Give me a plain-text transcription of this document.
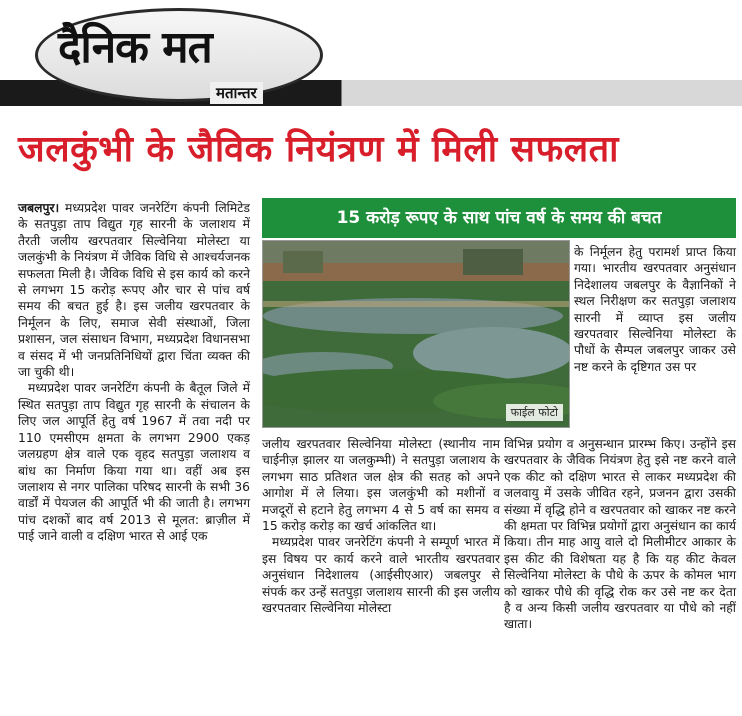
दैनिक मत
मतान्तर
जलकुंभी के जैविक नियंत्रण में मिली सफलता

जबलपुर। मध्यप्रदेश पावर जनरेटिंग कंपनी लिमिटेड के सतपुड़ा ताप विद्युत गृह सारनी के जलाशय में तैरती जलीय खरपतवार सिल्वेनिया मोलेस्टा या जलकुंभी के नियंत्रण में जैविक विधि से आश्चर्यजनक सफलता मिली है। जैविक विधि से इस कार्य को करने से लगभग 15 करोड़ रूपए और चार से पांच वर्ष समय की बचत हुई है। इस जलीय खरपतवार के निर्मूलन के लिए, समाज सेवी संस्थाओं, जिला प्रशासन, जल संसाधन विभाग, मध्यप्रदेश विधानसभा व संसद में भी जनप्रतिनिधियों द्वारा चिंता व्यक्त की जा चुकी थी।

मध्यप्रदेश पावर जनरेटिंग कंपनी के बैतूल जिले में स्थित सतपुड़ा ताप विद्युत गृह सारनी के संचालन के लिए जल आपूर्ति हेतु वर्ष 1967 में तवा नदी पर 110 एमसीएम क्षमता के लगभग 2900 एकड़ जलग्रहण क्षेत्र वाले एक वृहद सतपुड़ा जलाशय व बांध का निर्माण किया गया था। वहीं अब इस जलाशय से नगर पालिका परिषद सारनी के सभी 36 वार्डों में पेयजल की आपूर्ति भी की जाती है। लगभग पांच दशकों बाद वर्ष 2013 से मूलत: ब्राज़ील में पाई जाने वाली व दक्षिण भारत से आई एक

15 करोड़ रूपए के साथ पांच वर्ष के समय की बचत
फाईल फोटो

के निर्मूलन हेतु परामर्श प्राप्त किया गया। भारतीय खरपतवार अनुसंधान निदेशालय जबलपुर के वैज्ञानिकों ने स्थल निरीक्षण कर सतपुड़ा जलाशय सारनी में व्याप्त इस जलीय खरपतवार सिल्वेनिया मोलेस्टा के पौधों के सैम्पल जबलपुर जाकर उसे नष्ट करने के दृष्टिगत उस पर

जलीय खरपतवार सिल्वेनिया मोलेस्टा (स्थानीय नाम चाईनीज़ झालर या जलकुम्भी) ने सतपुड़ा जलाशय के लगभग साठ प्रतिशत जल क्षेत्र की सतह को अपने आगोश में ले लिया। इस जलकुंभी को मशीनों व मजदूरों से हटाने हेतु लगभग 4 से 5 वर्ष का समय व 15 करोड़ करोड़ का खर्च आंकलित था।

मध्यप्रदेश पावर जनरेटिंग कंपनी ने सम्पूर्ण भारत में इस विषय पर कार्य करने वाले भारतीय खरपतवार अनुसंधान निदेशालय (आईसीएआर) जबलपुर से संपर्क कर उन्हें सतपुड़ा जलाशय सारनी की इस जलीय खरपतवार सिल्वेनिया मोलेस्टा

विभिन्न प्रयोग व अनुसन्धान प्रारम्भ किए। उन्होंने इस खरपतवार के जैविक नियंत्रण हेतु इसे नष्ट करने वाले एक कीट को दक्षिण भारत से लाकर मध्यप्रदेश की जलवायु में उसके जीवित रहने, प्रजनन द्वारा उसकी संख्या में वृद्धि होने व खरपतवार को खाकर नष्ट करने की क्षमता पर विभिन्न प्रयोगों द्वारा अनुसंधान का कार्य किया। तीन माह आयु वाले दो मिलीमीटर आकार के इस कीट की विशेषता यह है कि यह कीट केवल सिल्वेनिया मोलेस्टा के पौधे के ऊपर के कोमल भाग को खाकर पौधे की वृद्धि रोक कर उसे नष्ट कर देता है व अन्य किसी जलीय खरपतवार या पौधे को नहीं खाता।
